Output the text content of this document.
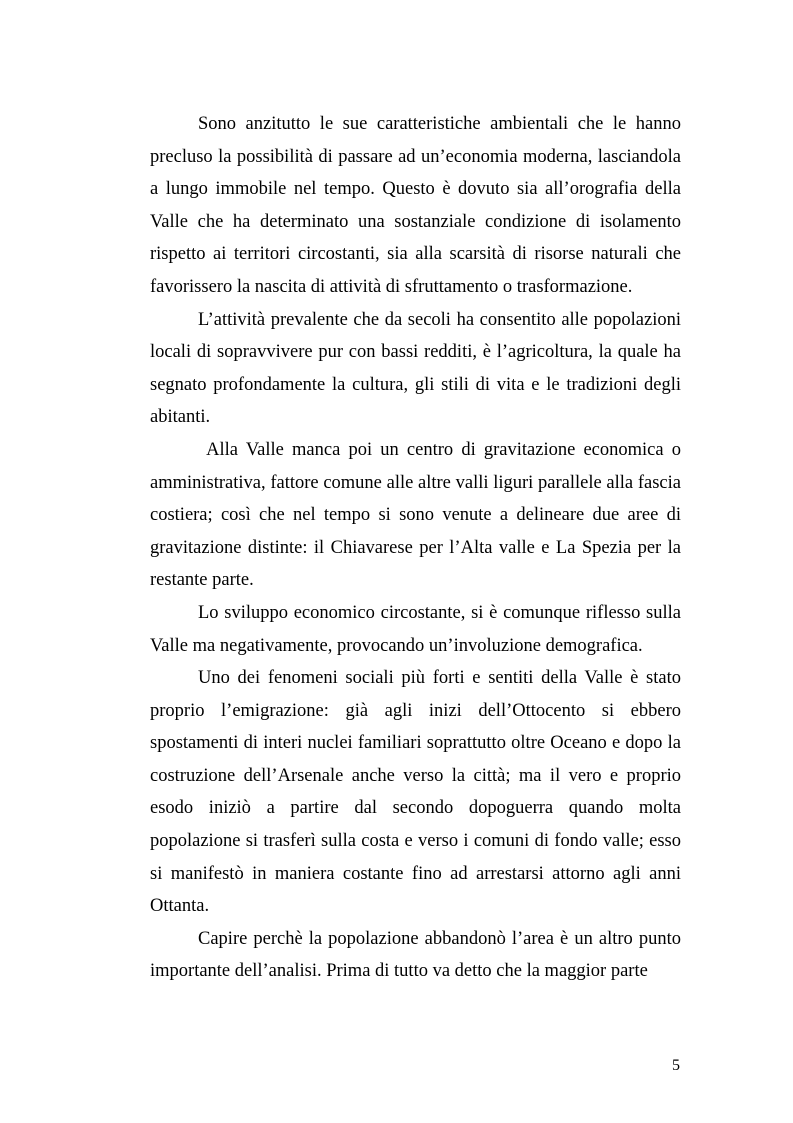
Sono anzitutto le sue caratteristiche ambientali che le hanno precluso la possibilità di passare ad un’economia moderna, lasciandola a lungo immobile nel tempo. Questo è dovuto sia all’orografia della Valle che ha determinato una sostanziale condizione di isolamento rispetto ai territori circostanti, sia alla scarsità di risorse naturali che favorissero la nascita di attività di sfruttamento o trasformazione.

L’attività prevalente che da secoli ha consentito alle popolazioni locali di sopravvivere pur con bassi redditi, è l’agricoltura, la quale ha segnato profondamente la cultura, gli stili di vita e le tradizioni degli abitanti.

Alla Valle manca poi un centro di gravitazione economica o amministrativa, fattore comune alle altre valli liguri parallele alla fascia costiera; così che nel tempo si sono venute a delineare due aree di gravitazione distinte: il Chiavarese per l’Alta valle e La Spezia per la restante parte.

Lo sviluppo economico circostante, si è comunque riflesso sulla Valle ma negativamente, provocando un’involuzione demografica.

Uno dei fenomeni sociali più forti e sentiti della Valle è stato proprio l’emigrazione: già agli inizi dell’Ottocento si ebbero spostamenti di interi nuclei familiari soprattutto oltre Oceano e dopo la costruzione dell’Arsenale anche verso la città; ma il vero e proprio esodo iniziò a partire dal secondo dopoguerra quando molta popolazione si trasferì sulla costa e verso i comuni di fondo valle; esso si manifestò in maniera costante fino ad arrestarsi attorno agli anni Ottanta.

Capire perchè la popolazione abbandonò l’area è un altro punto importante dell’analisi. Prima di tutto va detto che la maggior parte

5
